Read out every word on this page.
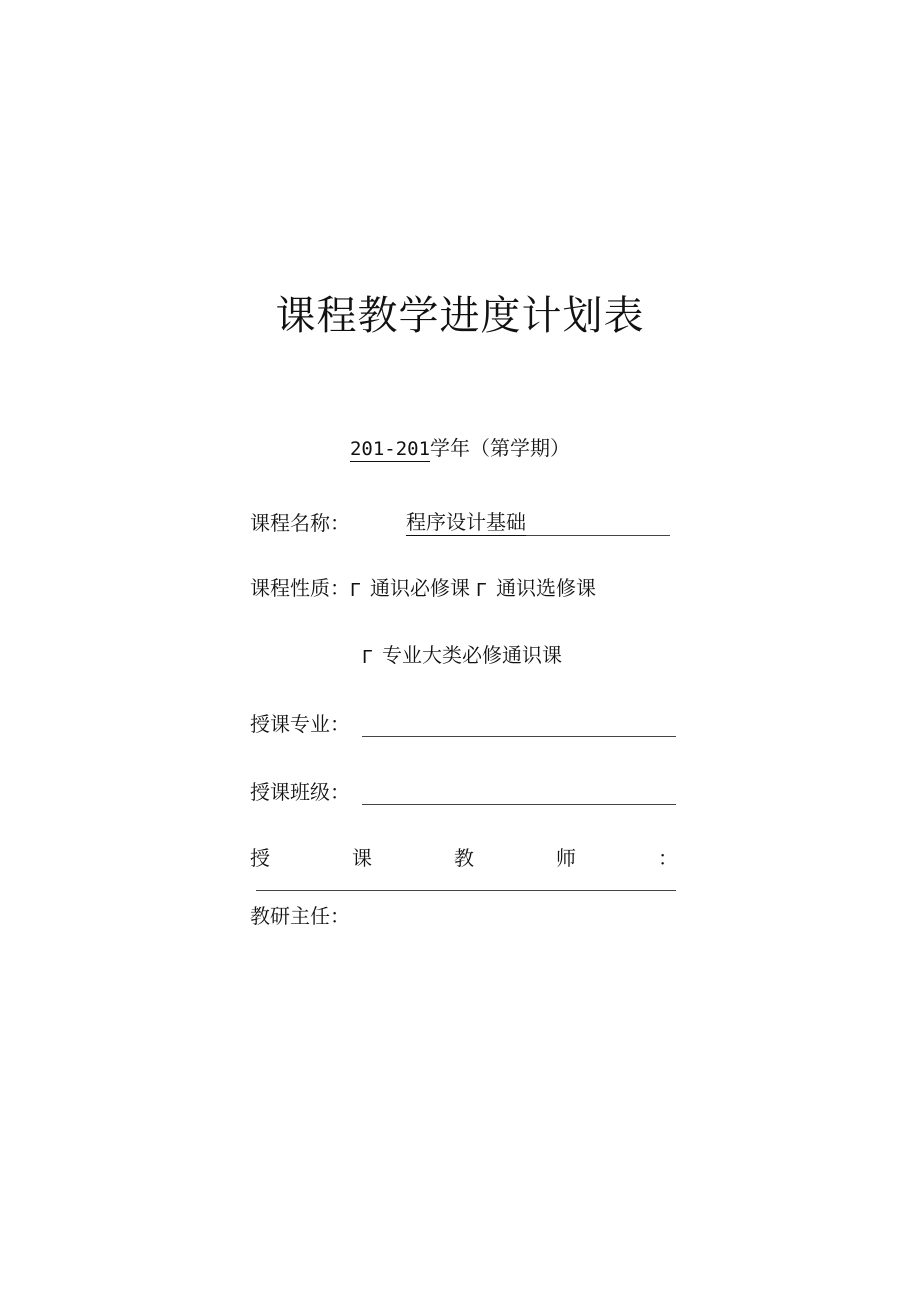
课程教学进度计划表
201-201学年（第学期）
课程名称：	程序设计基础
课程性质： Γ 通识必修课 Γ 通识选修课
Γ 专业大类必修通识课
授课专业：
授课班级：
授	课	教	师	：
教研主任：
